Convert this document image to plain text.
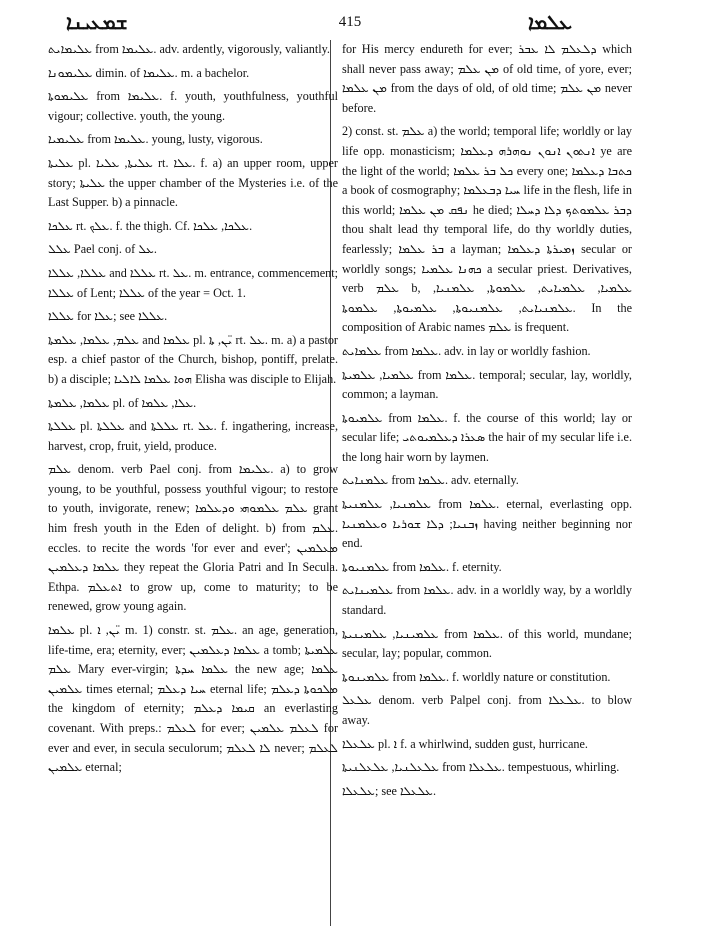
ܫܡܥܝܢܐ	415	ܥܠܡܐ
ܥܠܝܡܐܝܬ from ܥܠܝܡܐ. adv. ardently, vigorously, valiantly.
ܥܠܝܡܘܢܐ dimin. of ܥܠܝܡܐ. m. a bachelor.
ܥܠܝܡܘܬܐ from ܥܠܝܡܐ. f. youth, youthfulness, youthful vigour; collective. youth, the young.
ܥܠܝܡܝܐ from ܥܠܝܡܐ. young, lusty, vigorous.
ܥܠܝܬܐ pl. ܥܠܝܬܐ, ܥܠܝܐ rt. ܥܠܐ. f. a) an upper room, upper story; ܥܠܝܬܐ the upper chamber of the Mysteries i.e. of the Last Supper. b) a pinnacle.
ܥܠܟܐ rt. ܥܠܟ. f. the thigh. Cf. ܥܠܟܐ, ܥܠܟܐ.
ܥܠܠ Pael conj. of ܥܠ.
ܥܠܠܐ, ܥܠܠܐ and ܥܠܠܐ rt. ܥܠ. m. entrance, commencement; ܥܠܠܐ of Lent; ܥܠܠܐ of the year = Oct. 1.
ܥܠܠܐ for ܥܠܐ; see ܥܠܠܐ.
ܥܠܡ, ܥܠܡܐ, ܥܠܡܬܐ and ܥܠܡܐ pl. ܝ̈ܢ, ܬܐ rt. ܥܠ. m. a) a pastor esp. a chief pastor of the Church, bishop, pontiff, prelate. b) a disciple; ܗܘܐ ܥܠܡܐ ܠܐܠܝܐ Elisha was disciple to Elijah.
ܥܠܡܐ, ܥܠܡܬܐ pl. of ܥܠܐ, ܥܠܡܐ.
ܥܠܠܬܐ pl. ܥܠܠܬܐ and ܥܠܠܬܐ rt. ܥܠ. f. ingathering, increase, harvest, crop, fruit, yield, produce.
ܥܠܡ denom. verb Pael conj. from ܥܠܝܡܐ. a) to grow young, to be youthful, possess youthful vigour; to restore to youth, invigorate, renew; ܥܠܡ ܥܠܡܘܗܝ ܘܕܥܠܡܐ grant him fresh youth in the Eden of delight. b) from ܥܠܡ. eccles. to recite the words 'for ever and ever'; ܡܥܠܡܝܢ ܥܠܡܐ ܕܥܠܡܝܢ they repeat the Gloria Patri and In Secula. Ethpa. ܐܬܥܠܡ to grow up, come to maturity; to be renewed, grow young again.
ܥܠܡܐ pl. ܝ̈ܢ, ܐ m. 1) constr. st. ܥܠܡ. an age, generation, life-time, era; eternity, ever; ܥܠܡܐ ܕܥܠܡܝܢ a tomb; ܥܠܡܝܬܐ ܥܠܡ Mary ever-virgin; ܥܠܡܐ ܚܕܬܐ the new age; ܥܠܡܐ ܥܠܡܝܢ times eternal; ܚܝܐ ܕܥܠܡ eternal life; ܡܠܟܘܬܐ ܕܥܠܡ the kingdom of eternity; ܩܝܡܐ ܕܥܠܡ an everlasting covenant. With preps.: ܠܥܠܡ for ever; ܠܥܠܡ ܥܠܡܝܢ for ever and ever, in secula seculorum; ܠܐ ܠܥܠܡ never; ܠܥܠܡ ܥܠܡܝܢ eternal;
for His mercy endureth for ever; ܕܠܥܠܡ ܠܐ ܥܒܪ which shall never pass away; ܡܢ ܥܠܡ of old time, of yore, ever; ܡܢ ܥܠܡܐ from the days of old, of old time; ܡܢ ܥܠܡ never before.
2) const. st. ܥܠܡ a) the world; temporal life; worldly or lay life opp. monasticism; ܐܢܬܘܢ ܐܢܘܢ ܢܘܗܪܗ ܕܥܠܡܐ ye are the light of the world; ܟܠ ܒܪ ܥܠܡܐ every one; ܟܬܒܐ ܕܥܠܡܐ a book of cosmography; ܚܝܐ ܕܒܥܠܡܐ life in the flesh, life in this world; ܢܦܩ ܡܢ ܥܠܡܐ he died; ܕܒܪ ܥܠܡܘܬܟ ܕܠܐ ܕܚܠܐ thou shalt lead thy temporal life, do thy worldly duties, fearlessly; ܒܪ ܥܠܡܐ a layman; ܙܡܝܪܬܐ ܕܥܠܡܐ secular or worldly songs; ܟܗܢܐ ܥܠܡܝܐ a secular priest. Derivatives, verb ܥܠܡ b, ܥܠܡܝܐ, ܥܠܡܝܐܝܬ, ܥܠܡܘܬܐ, ܥܠܡܢܝܐ, ܥܠܡܢܝܐܝܬ, ܥܠܡܢܝܘܬܐ, ܥܠܡܝܘܬܐ, ܥܠܡܘܬܐ. In the composition of Arabic names ܥܠܡ is frequent.
ܥܠܡܐܝܬ from ܥܠܡܐ. adv. in lay or worldly fashion.
ܥܠܡܝܐ, ܥܠܡܝܬܐ from ܥܠܡܐ. temporal; secular, lay, worldly, common; a layman.
ܥܠܡܝܘܬܐ from ܥܠܡܐ. f. the course of this world; lay or secular life; ܣܥܪܐ ܕܥܠܡܝܘܬܝ the hair of my secular life i.e. the long hair worn by laymen.
ܥܠܡܢܐܝܬ from ܥܠܡܐ. adv. eternally.
ܥܠܡܢܝܐ, ܥܠܡܢܝܬܐ from ܥܠܡܐ. eternal, everlasting opp. ܙܒܢܝܐ; ܕܠܐ ܫܘܪܝܐ ܘܥܠܡܢܝܐ having neither beginning nor end.
ܥܠܡܢܝܘܬܐ from ܥܠܡܐ. f. eternity.
ܥܠܡܝܢܐܝܬ from ܥܠܡܐ. adv. in a worldly way, by a worldly standard.
ܥܠܡܝܢܝܐ, ܥܠܡܝܢܝܬܐ from ܥܠܡܐ. of this world, mundane; secular, lay; popular, common.
ܥܠܡܝܢܘܬܐ from ܥܠܡܐ. f. worldly nature or constitution.
ܥܠܥܠ denom. verb Palpel conj. from ܥܠܥܠܐ. to blow away.
ܥܠܥܠܐ pl. ܐ f. a whirlwind, sudden gust, hurricane.
ܥܠܥܠܢܝܐ, ܥܠܥܠܢܝܬܐ from ܥܠܥܠܐ. tempestuous, whirling.
ܥܠܥܠܐ; see ܥܠܥܠܐ.
